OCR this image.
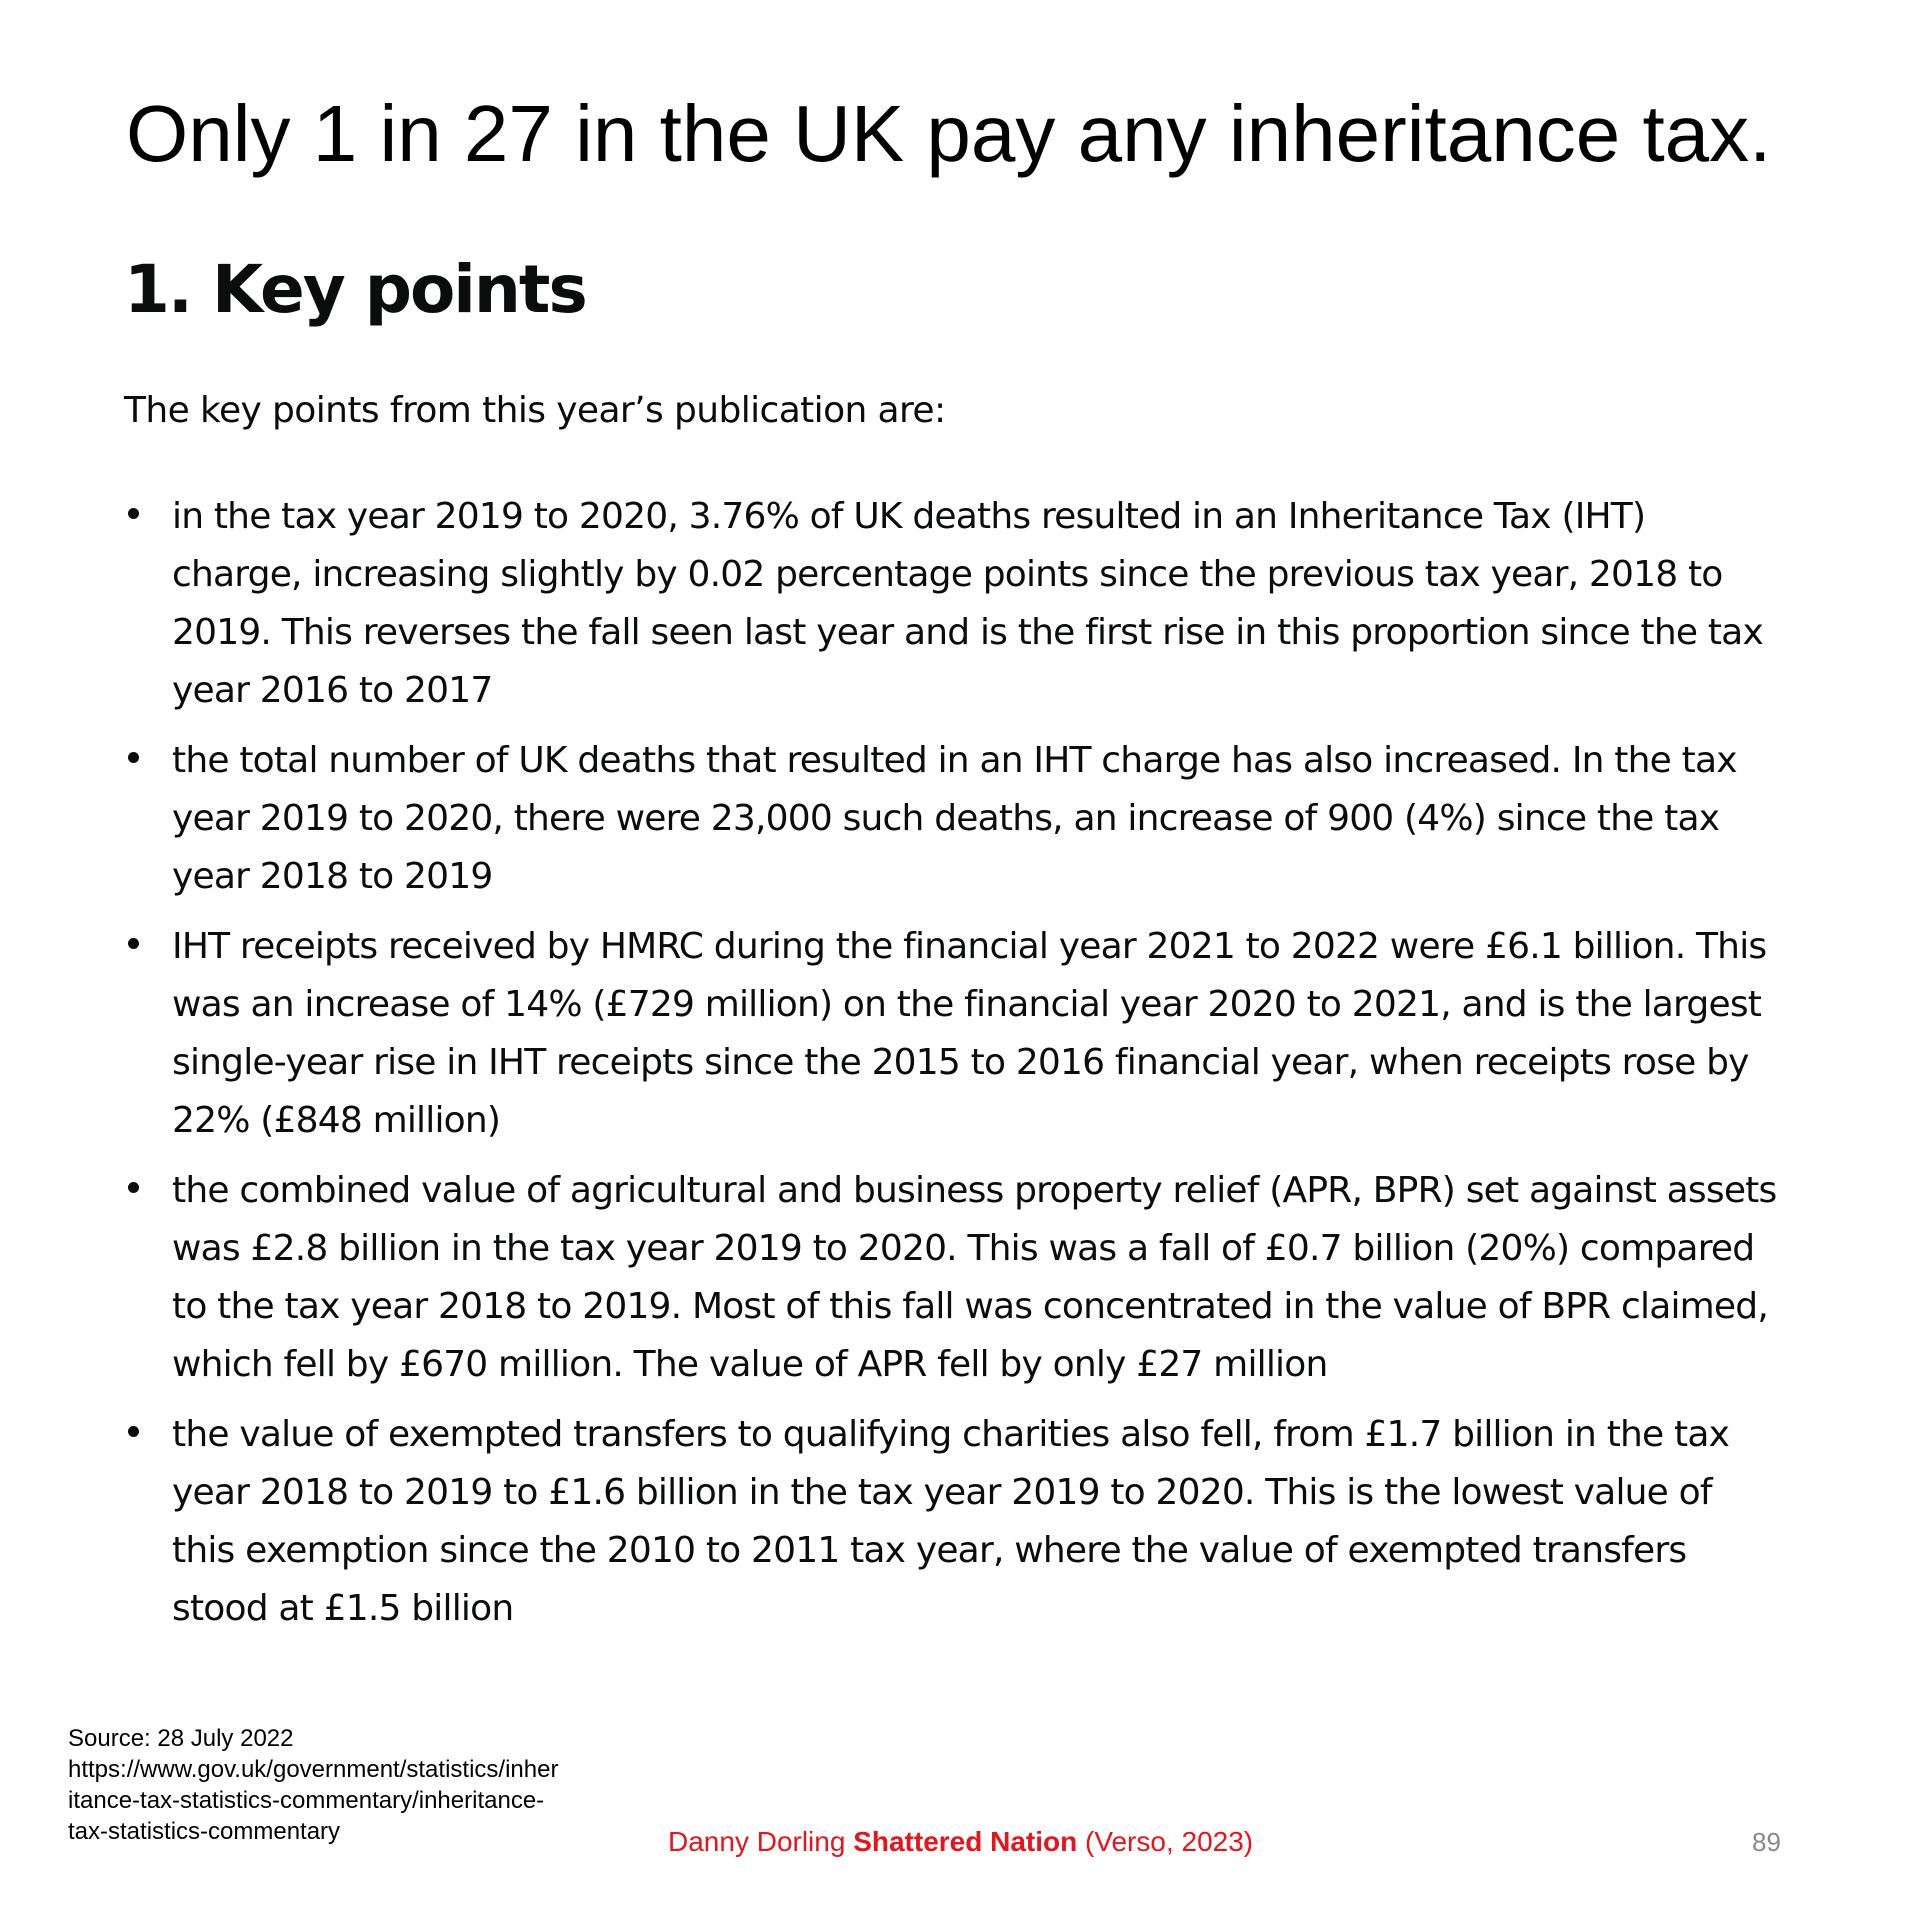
Only 1 in 27 in the UK pay any inheritance tax.
1. Key points

The key points from this year’s publication are:

in the tax year 2019 to 2020, 3.76% of UK deaths resulted in an Inheritance Tax (IHT) charge, increasing slightly by 0.02 percentage points since the previous tax year, 2018 to 2019. This reverses the fall seen last year and is the first rise in this proportion since the tax year 2016 to 2017
the total number of UK deaths that resulted in an IHT charge has also increased. In the tax year 2019 to 2020, there were 23,000 such deaths, an increase of 900 (4%) since the tax year 2018 to 2019
IHT receipts received by HMRC during the financial year 2021 to 2022 were £6.1 billion. This was an increase of 14% (£729 million) on the financial year 2020 to 2021, and is the largest single-year rise in IHT receipts since the 2015 to 2016 financial year, when receipts rose by 22% (£848 million)
the combined value of agricultural and business property relief (APR, BPR) set against assets was £2.8 billion in the tax year 2019 to 2020. This was a fall of £0.7 billion (20%) compared to the tax year 2018 to 2019. Most of this fall was concentrated in the value of BPR claimed, which fell by £670 million. The value of APR fell by only £27 million
the value of exempted transfers to qualifying charities also fell, from £1.7 billion in the tax year 2018 to 2019 to £1.6 billion in the tax year 2019 to 2020. This is the lowest value of this exemption since the 2010 to 2011 tax year, where the value of exempted transfers stood at £1.5 billion
Source: 28 July 2022
https://www.gov.uk/government/statistics/inher
itance-tax-statistics-commentary/inheritance-
tax-statistics-commentary	Danny Dorling Shattered Nation (Verso, 2023)	89
